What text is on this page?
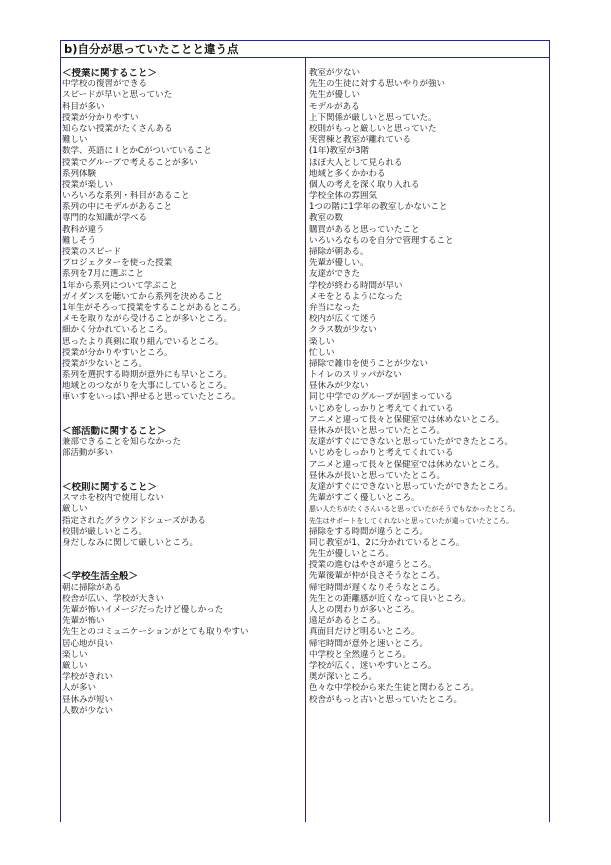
b)自分が思っていたことと違う点
＜授業に関すること＞
中学校の復習ができる
スピードが早いと思っていた
科目が多い
授業が分かりやすい
知らない授業がたくさんある
難しい
数学、英語に I とかCがついていること
授業でグループで考えることが多い
系列体験
授業が楽しい
いろいろな系列・科目があること
系列の中にモデルがあること
専門的な知識が学べる
教科が違う
難しそう
授業のスピード
プロジェクターを使った授業
系列を7月に選ぶこと
1年から系列について学ぶこと
ガイダンスを聴いてから系列を決めること
1年生がそろって授業をすることがあるところ。
メモを取りながら受けることが多いところ。
細かく分かれているところ。
思ったより真剣に取り組んでいるところ。
授業が分かりやすいところ。
授業が少ないところ。
系列を選択する時期が意外にも早いところ。
地域とのつながりを大事にしているところ。
車いすをいっぱい押せると思っていたところ。
＜部活動に関すること＞
兼部できることを知らなかった
部活動が多い
＜校則に関すること＞
スマホを校内で使用しない
厳しい
指定されたグラウンドシューズがある
校則が厳しいところ。
身だしなみに関して厳しいところ。
＜学校生活全般＞
朝に掃除がある
校舎が広い、学校が大きい
先輩が怖いイメージだったけど優しかった
先輩が怖い
先生とのコミュニケーションがとても取りやすい
居心地が良い
楽しい
厳しい
学校がきれい
人が多い
昼休みが短い
人数が少ない
教室が少ない
先生の生徒に対する思いやりが強い
先生が優しい
モデルがある
上下関係が厳しいと思っていた。
校則がもっと厳しいと思っていた
実習棟と教室が離れている
(1年)教室が3階
ほぼ大人として見られる
地域と多くかかわる
個人の考えを深く取り入れる
学校全体の雰囲気
1つの階に1学年の教室しかないこと
教室の数
購買があると思っていたこと
いろいろなものを自分で管理すること
掃除が朝ある。
先輩が優しい。
友達ができた
学校が終わる時間が早い
メモをとるようになった
弁当になった
校内が広くて迷う
クラス数が少ない
楽しい
忙しい
掃除で雑巾を使うことが少ない
トイレのスリッパがない
昼休みが少ない
同じ中学でのグループが固まっている
いじめをしっかりと考えてくれている
アニメと違って長々と保健室では休めないところ。
昼休みが長いと思っていたところ。
友達がすぐにできないと思っていたができたところ。
いじめをしっかりと考えてくれている
アニメと違って長々と保健室では休めないところ。
昼休みが長いと思っていたところ。
友達がすぐにできないと思っていたができたところ。
先輩がすごく優しいところ。
悪い人たちがたくさんいると思っていたがそうでもなかったところ。
先生はサポートをしてくれないと思っていたが違っていたところ。
掃除をする時間が違うところ。
同じ教室が1、2に分かれているところ。
先生が優しいところ。
授業の進むはやさが違うところ。
先輩後輩が仲が良さそうなところ。
帰宅時間が遅くなりそうなところ。
先生との距離感が近くなって良いところ。
人との関わりが多いところ。
遠足があるところ。
真面目だけど明るいところ。
帰宅時間が意外と速いところ。
中学校と全然違うところ。
学校が広く、迷いやすいところ。
奥が深いところ。
色々な中学校から来た生徒と関わるところ。
校舎がもっと古いと思っていたところ。
